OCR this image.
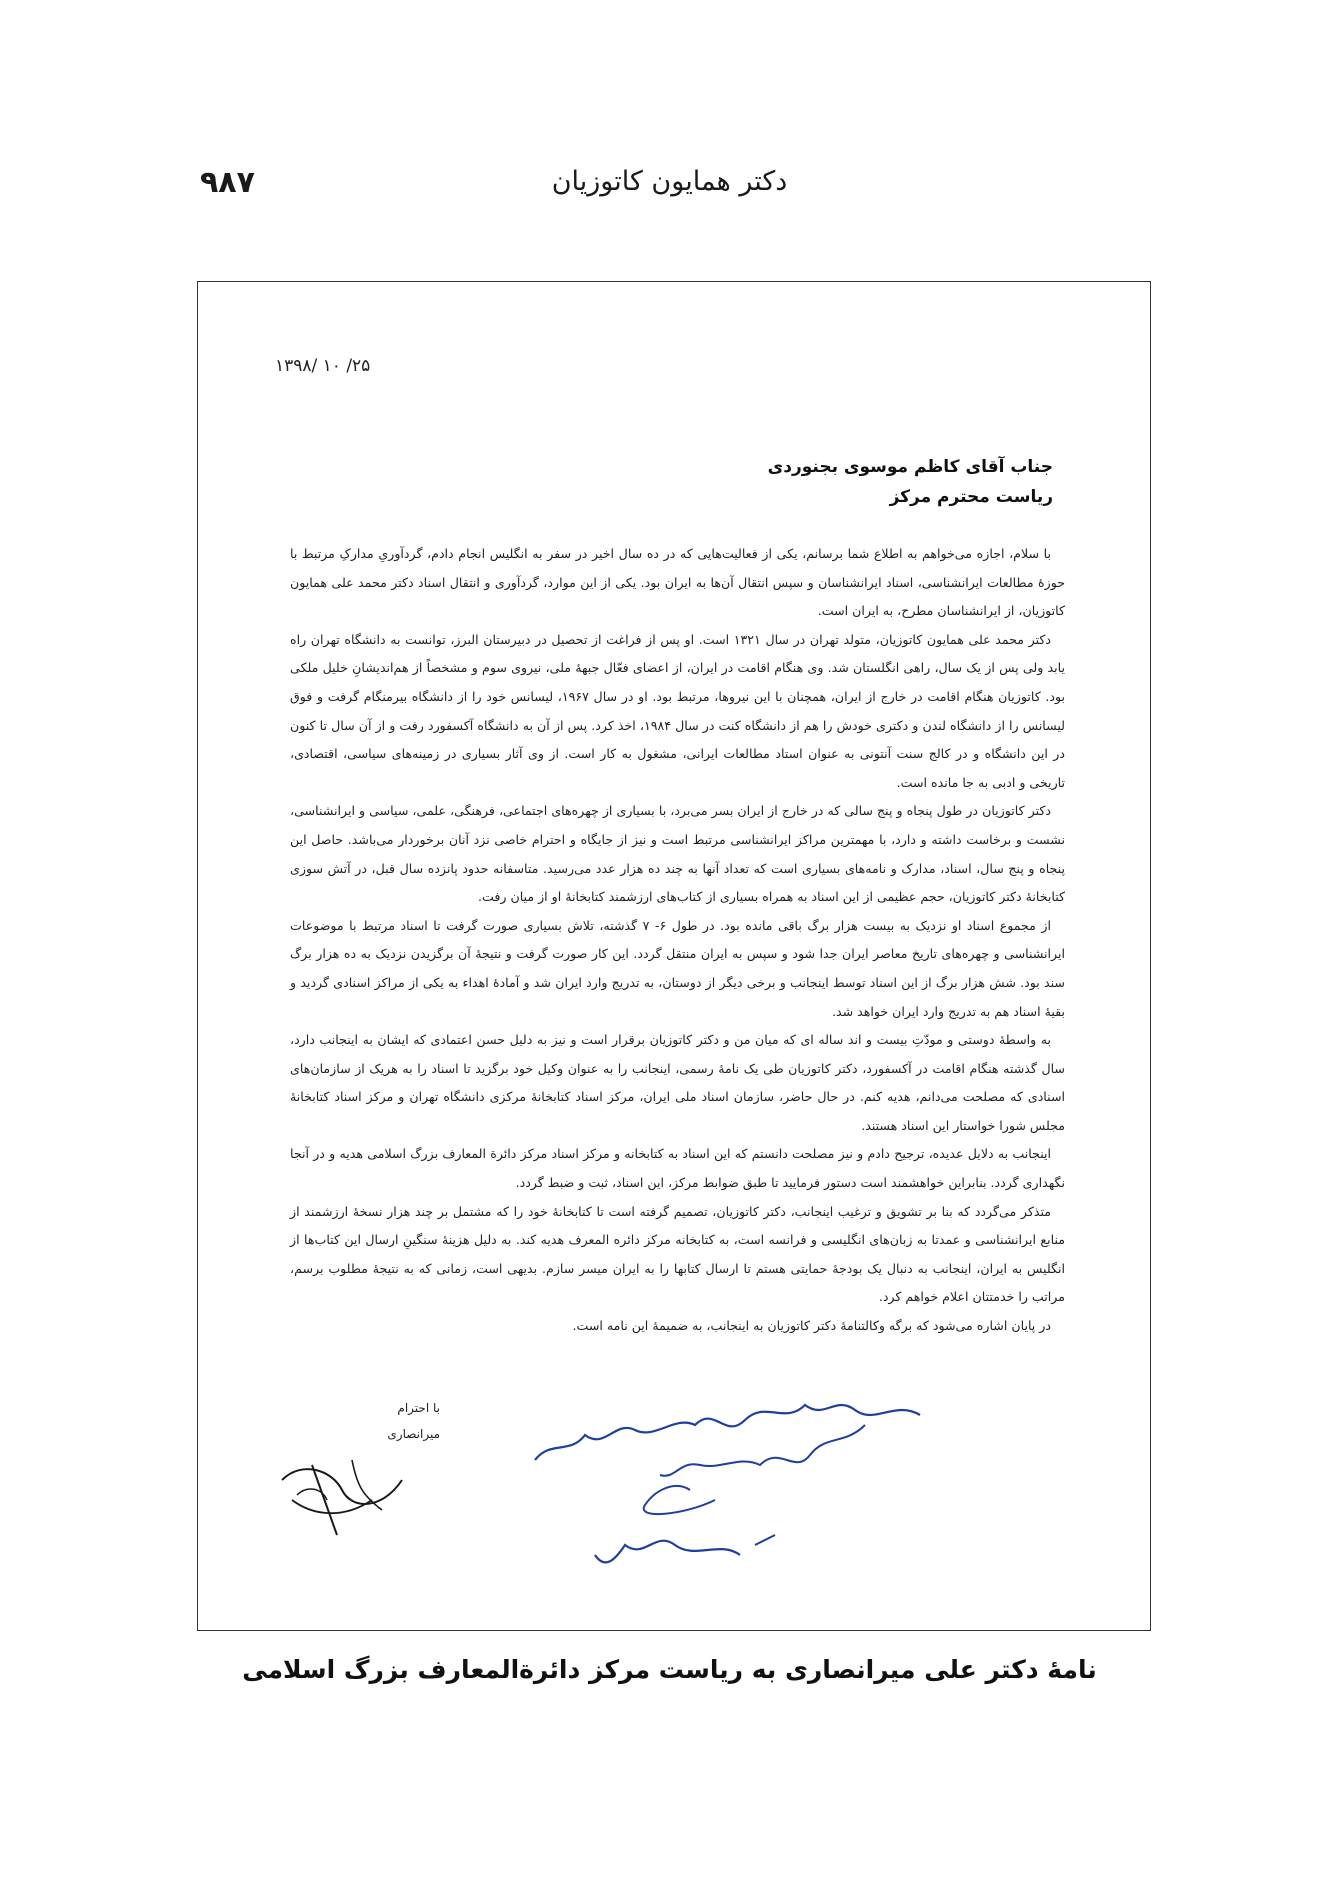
۹۸۷	دکتر همایون کاتوزیان
۱۳۹۸/ ۱۰ /۲۵
جناب آقای کاظم موسوی بجنوردی
ریاست محترم مرکز

با سلام، اجازه می‌خواهم به اطلاع شما برسانم، یکی از فعالیت‌هایی که در ده سال اخیر در سفر به انگلیس انجام دادم، گردآوریِ مدارکِ مرتبط با حوزهٔ مطالعات ایرانشناسی، اسناد ایرانشناسان و سپس انتقال آن‌ها به ایران بود. یکی از این موارد، گردآوری و انتقال اسناد دکتر محمد علی همایون کاتوزیان، از ایرانشناسان مطرح، به ایران است.

دکتر محمد علی همایون کاتوزیان، متولد تهران در سال ۱۳۲۱ است. او پس از فراغت از تحصیل در دبیرستان البرز، توانست به دانشگاه تهران راه یابد ولی پس از یک سال، راهی انگلستان شد. وی هنگام اقامت در ایران، از اعضای فعّال جبههٔ ملی، نیروی سوم و مشخصاً از هم‌اندیشانِ خلیل ملکی بود. کاتوزیان هنگام اقامت در خارج از ایران، همچنان با این نیروها، مرتبط بود. او در سال ۱۹۶۷، لیسانس خود را از دانشگاه بیرمنگام گرفت و فوق لیسانس را از دانشگاه لندن و دکتری خودش را هم از دانشگاه کنت در سال ۱۹۸۴، اخذ کرد. پس از آن به دانشگاه آکسفورد رفت و از آن سال تا کنون در این دانشگاه و در کالج سنت آنتونی به عنوان استاد مطالعات ایرانی، مشغول به کار است. از وی آثار بسیاری در زمینه‌های سیاسی، اقتصادی، تاریخی و ادبی به جا مانده است.

دکتر کاتوزیان در طول پنجاه و پنج سالی که در خارج از ایران بسر می‌برد، با بسیاری از چهره‌های اجتماعی، فرهنگی، علمی، سیاسی و ایرانشناسی، نشست و برخاست داشته و دارد، با مهمترین مراکز ایرانشناسی مرتبط است و نیز از جایگاه و احترام خاصی نزد آنان برخوردار می‌باشد. حاصل این پنجاه و پنج سال، اسناد، مدارک و نامه‌های بسیاری است که تعداد آنها به چند ده هزار عدد می‌رسید. متاسفانه حدود پانزده سال قبل، در آتش سوزی کتابخانهٔ دکتر کاتوزیان، حجم عظیمی از این اسناد به همراه بسیاری از کتاب‌های ارزشمند کتابخانهٔ او از میان رفت.

از مجموع اسناد او نزدیک به بیست هزار برگ باقی مانده بود. در طول ۶- ۷ گذشته، تلاش بسیاری صورت گرفت تا اسناد مرتبط با موضوعات ایرانشناسی و چهره‌های تاریخ معاصر ایران جدا شود و سپس به ایران منتقل گردد. این کار صورت گرفت و نتیجهٔ آن برگزیدن نزدیک به ده هزار برگ سند بود. شش هزار برگ از این اسناد توسط اینجانب و برخی دیگر از دوستان، به تدریج وارد ایران شد و آمادهٔ اهداء به یکی از مراکز اسنادی گردید و بقیهٔ اسناد هم به تدریج وارد ایران خواهد شد.

به واسطهٔ دوستی و مودّتِ بیست و اند ساله ای که میان من و دکتر کاتوزیان برقرار است و نیز به دلیل حسن اعتمادی که ایشان به اینجانب دارد، سال گذشته هنگام اقامت در آکسفورد، دکتر کاتوزیان طی یک نامهٔ رسمی، اینجانب را به عنوان وکیل خود برگزید تا اسناد را به هریک از سازمان‌های اسنادی که مصلحت می‌دانم، هدیه کنم. در حال حاضر، سازمان اسناد ملی ایران، مرکز اسناد کتابخانهٔ مرکزی دانشگاه تهران و مرکز اسناد کتابخانهٔ مجلس شورا خواستار این اسناد هستند.

اینجانب به دلایل عدیده، ترجیح دادم و نیز مصلحت دانستم که این اسناد به کتابخانه و مرکز اسناد مرکز دائرة المعارف بزرگ اسلامی هدیه و در آنجا نگهداری گردد. بنابراین خواهشمند است دستور فرمایید تا طبق ضوابط مرکز، این اسناد، ثبت و ضبط گردد.

متذکر می‌گردد که بنا بر تشویق و ترغیب اینجانب، دکتر کاتوزیان، تصمیم گرفته است تا کتابخانهٔ خود را که مشتمل بر چند هزار نسخهٔ ارزشمند از منابع ایرانشناسی و عمدتا به زبان‌های انگلیسی و فرانسه است، به کتابخانه مرکز دائره المعرف هدیه کند. به دلیل هزینهٔ سنگینِ ارسال این کتاب‌ها از انگلیس به ایران، اینجانب به دنبال یک بودجهٔ حمایتی هستم تا ارسال کتابها را به ایران میسر سازم. بدیهی است، زمانی که به نتیجهٔ مطلوب برسم، مراتب را خدمتتان اعلام خواهم کرد.

در پایان اشاره می‌شود که برگه وکالتنامهٔ دکتر کاتوزیان به اینجانب، به ضمیمهٔ این نامه است.

با احترام
میرانصاری
نامهٔ دکتر علی میرانصاری به ریاست مرکز دائرة‌المعارف بزرگ اسلامی
